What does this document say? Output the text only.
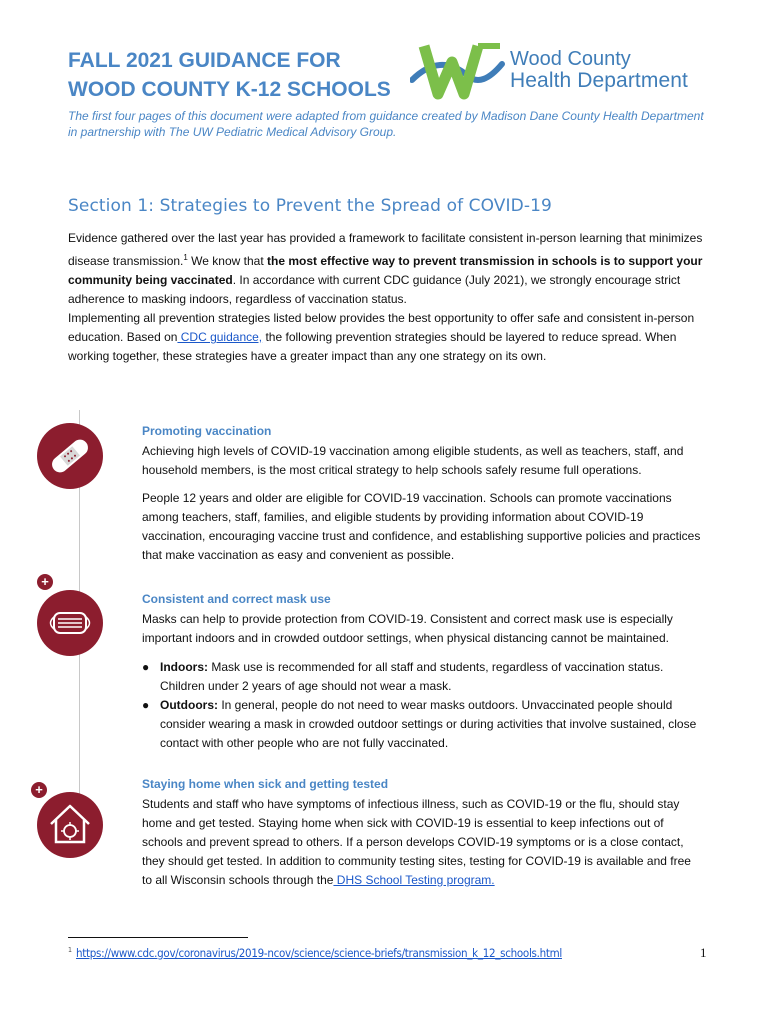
FALL 2021 GUIDANCE FOR
WOOD COUNTY K-12 SCHOOLS
Wood County
Health Department

The first four pages of this document were adapted from guidance created by Madison Dane County Health Department in partnership with The UW Pediatric Medical Advisory Group.

Section 1: Strategies to Prevent the Spread of COVID-19

Evidence gathered over the last year has provided a framework to facilitate consistent in-person learning that minimizes disease transmission.$^1$ We know that the most effective way to prevent transmission in schools is to support your community being vaccinated. In accordance with current CDC guidance (July 2021), we strongly encourage strict adherence to masking indoors, regardless of vaccination status.

Implementing all prevention strategies listed below provides the best opportunity to offer safe and consistent in-person education. Based on CDC guidance, the following prevention strategies should be layered to reduce spread. When working together, these strategies have a greater impact than any one strategy on its own.

+
+
Promoting vaccination

Achieving high levels of COVID-19 vaccination among eligible students, as well as teachers, staff, and household members, is the most critical strategy to help schools safely resume full operations.

People 12 years and older are eligible for COVID-19 vaccination. Schools can promote vaccinations among teachers, staff, families, and eligible students by providing information about COVID-19 vaccination, encouraging vaccine trust and confidence, and establishing supportive policies and practices that make vaccination as easy and convenient as possible.

Consistent and correct mask use

Masks can help to provide protection from COVID-19. Consistent and correct mask use is especially important indoors and in crowded outdoor settings, when physical distancing cannot be maintained.

● Indoors: Mask use is recommended for all staff and students, regardless of vaccination status. Children under 2 years of age should not wear a mask.
● Outdoors: In general, people do not need to wear masks outdoors. Unvaccinated people should consider wearing a mask in crowded outdoor settings or during activities that involve sustained, close contact with other people who are not fully vaccinated.
Staying home when sick and getting tested

Students and staff who have symptoms of infectious illness, such as COVID-19 or the flu, should stay home and get tested. Staying home when sick with COVID-19 is essential to keep infections out of schools and prevent spread to others. If a person develops COVID-19 symptoms or is a close contact, they should get tested. In addition to community testing sites, testing for COVID-19 is available and free to all Wisconsin schools through the DHS School Testing program.

$^1$ https://www.cdc.gov/coronavirus/2019-ncov/science/science-briefs/transmission_k_12_schools.html	1
